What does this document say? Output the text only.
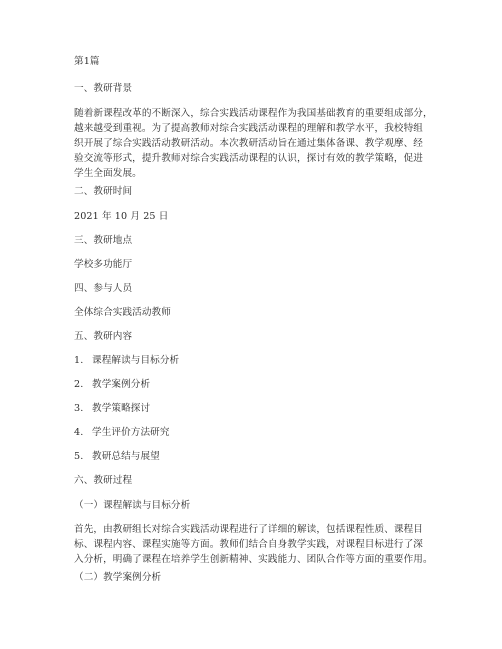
第1篇
一、教研背景
随着新课程改革的不断深入，综合实践活动课程作为我国基础教育的重要组成部分，
越来越受到重视。为了提高教师对综合实践活动课程的理解和教学水平，我校特组
织开展了综合实践活动教研活动。本次教研活动旨在通过集体备课、教学观摩、经
验交流等形式，提升教师对综合实践活动课程的认识，探讨有效的教学策略，促进
学生全面发展。
二、教研时间
2021 年 10 月 25 日
三、教研地点
学校多功能厅
四、参与人员
全体综合实践活动教师
五、教研内容
1. 课程解读与目标分析
2. 教学案例分析
3. 教学策略探讨
4. 学生评价方法研究
5. 教研总结与展望
六、教研过程
（一）课程解读与目标分析
首先，由教研组长对综合实践活动课程进行了详细的解读，包括课程性质、课程目
标、课程内容、课程实施等方面。教师们结合自身教学实践，对课程目标进行了深
入分析，明确了课程在培养学生创新精神、实践能力、团队合作等方面的重要作用。
（二）教学案例分析
